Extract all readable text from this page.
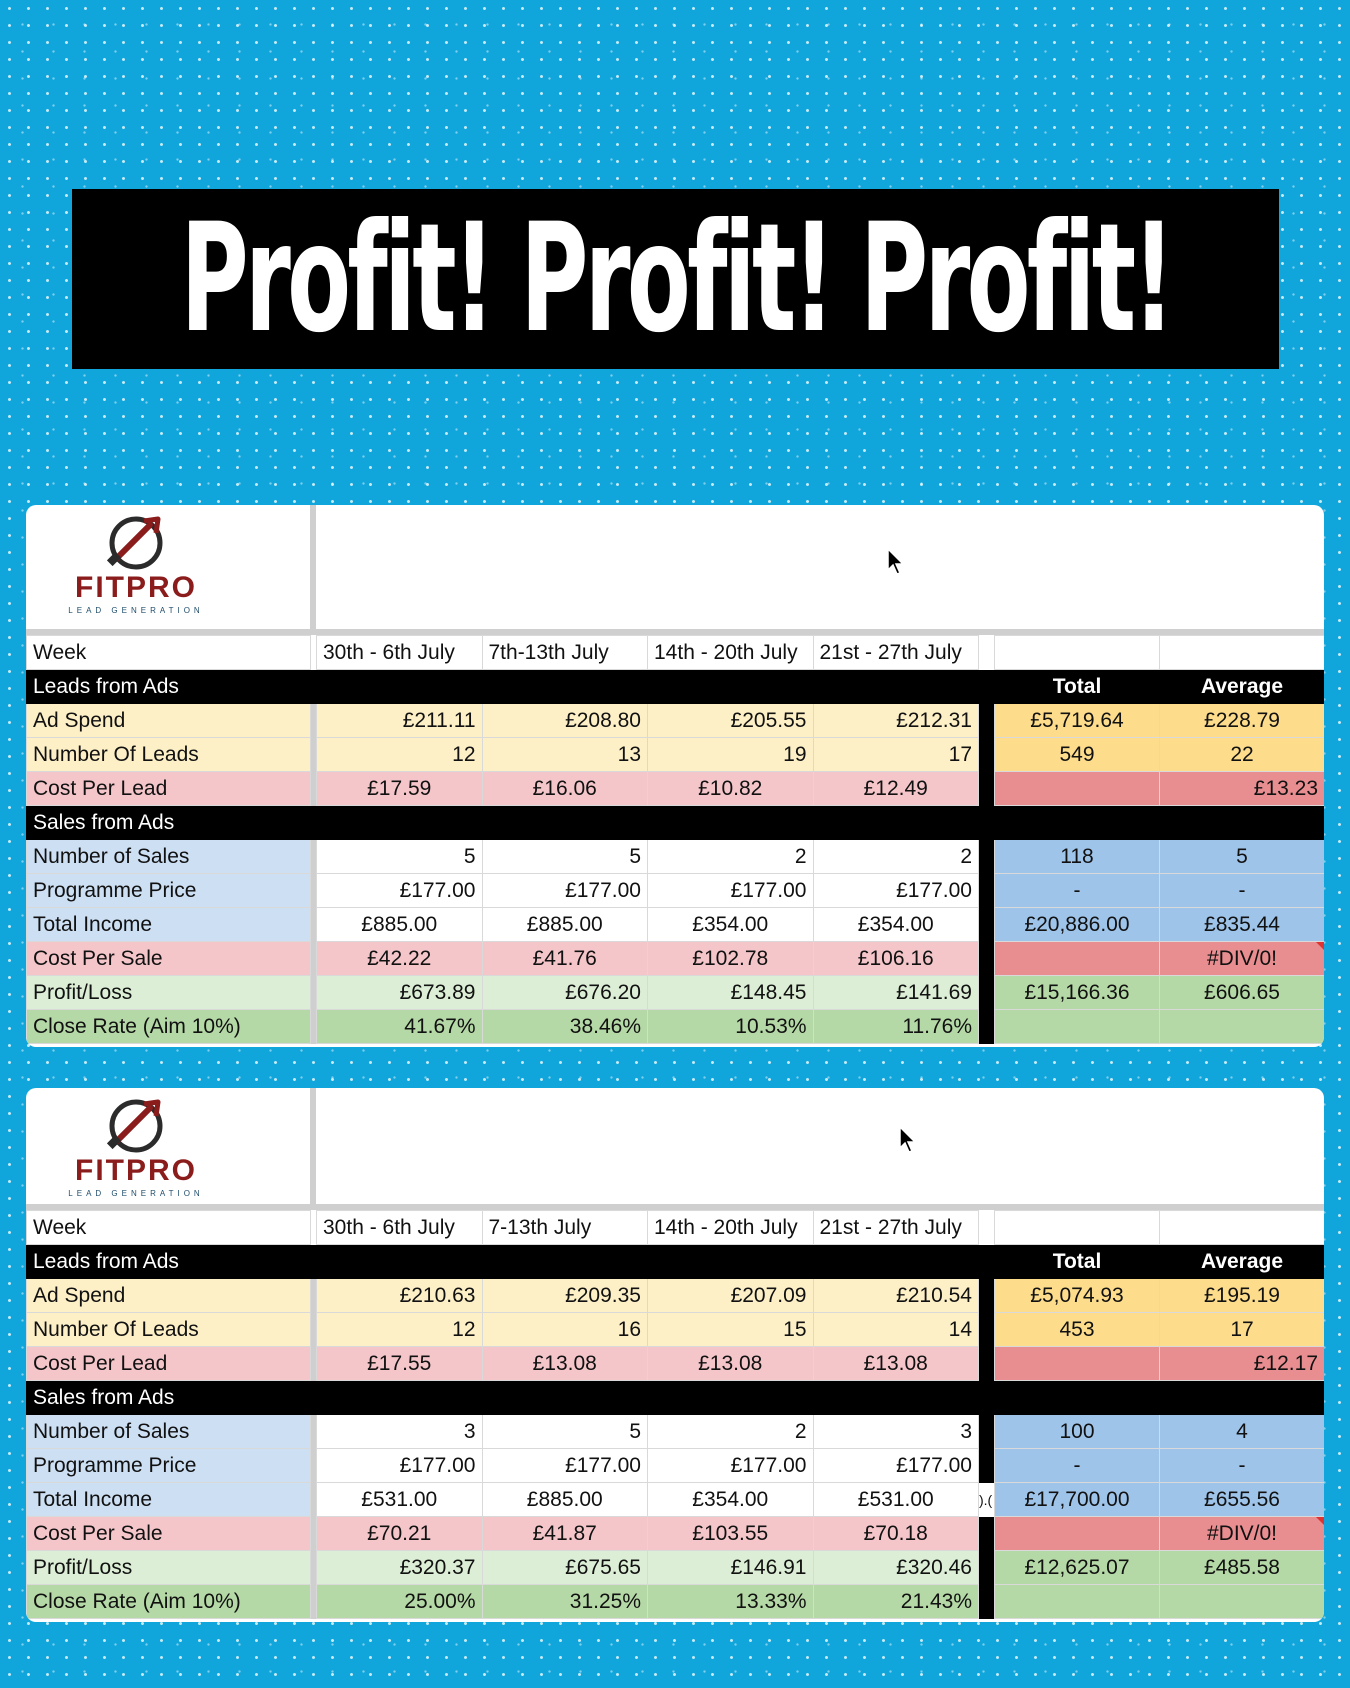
Profit! Profit! Profit!
FITPRO
LEAD GENERATION
Week		30th - 6th July	7th-13th July	14th - 20th July	21st - 27th July			
Leads from Ads							Total	Average
Ad Spend		£211.11	£208.80	£205.55	£212.31		£5,719.64	£228.79
Number Of Leads		12	13	19	17		549	22
Cost Per Lead		£17.59	£16.06	£10.82	£12.49			£13.23
Sales from Ads								
Number of Sales		5	5	2	2		118	5
Programme Price		£177.00	£177.00	£177.00	£177.00		-	-
Total Income		£885.00	£885.00	£354.00	£354.00		£20,886.00	£835.44
Cost Per Sale		£42.22	£41.76	£102.78	£106.16			#DIV/0!
Profit/Loss		£673.89	£676.20	£148.45	£141.69		£15,166.36	£606.65
Close Rate (Aim 10%)		41.67%	38.46%	10.53%	11.76%			
FITPRO
LEAD GENERATION
Week		30th - 6th July	7-13th July	14th - 20th July	21st - 27th July			
Leads from Ads							Total	Average
Ad Spend		£210.63	£209.35	£207.09	£210.54		£5,074.93	£195.19
Number Of Leads		12	16	15	14		453	17
Cost Per Lead		£17.55	£13.08	£13.08	£13.08			£12.17
Sales from Ads								
Number of Sales		3	5	2	3		100	4
Programme Price		£177.00	£177.00	£177.00	£177.00		-	-
Total Income		£531.00	£885.00	£354.00	£531.00	).(	£17,700.00	£655.56
Cost Per Sale		£70.21	£41.87	£103.55	£70.18			#DIV/0!
Profit/Loss		£320.37	£675.65	£146.91	£320.46		£12,625.07	£485.58
Close Rate (Aim 10%)		25.00%	31.25%	13.33%	21.43%			
